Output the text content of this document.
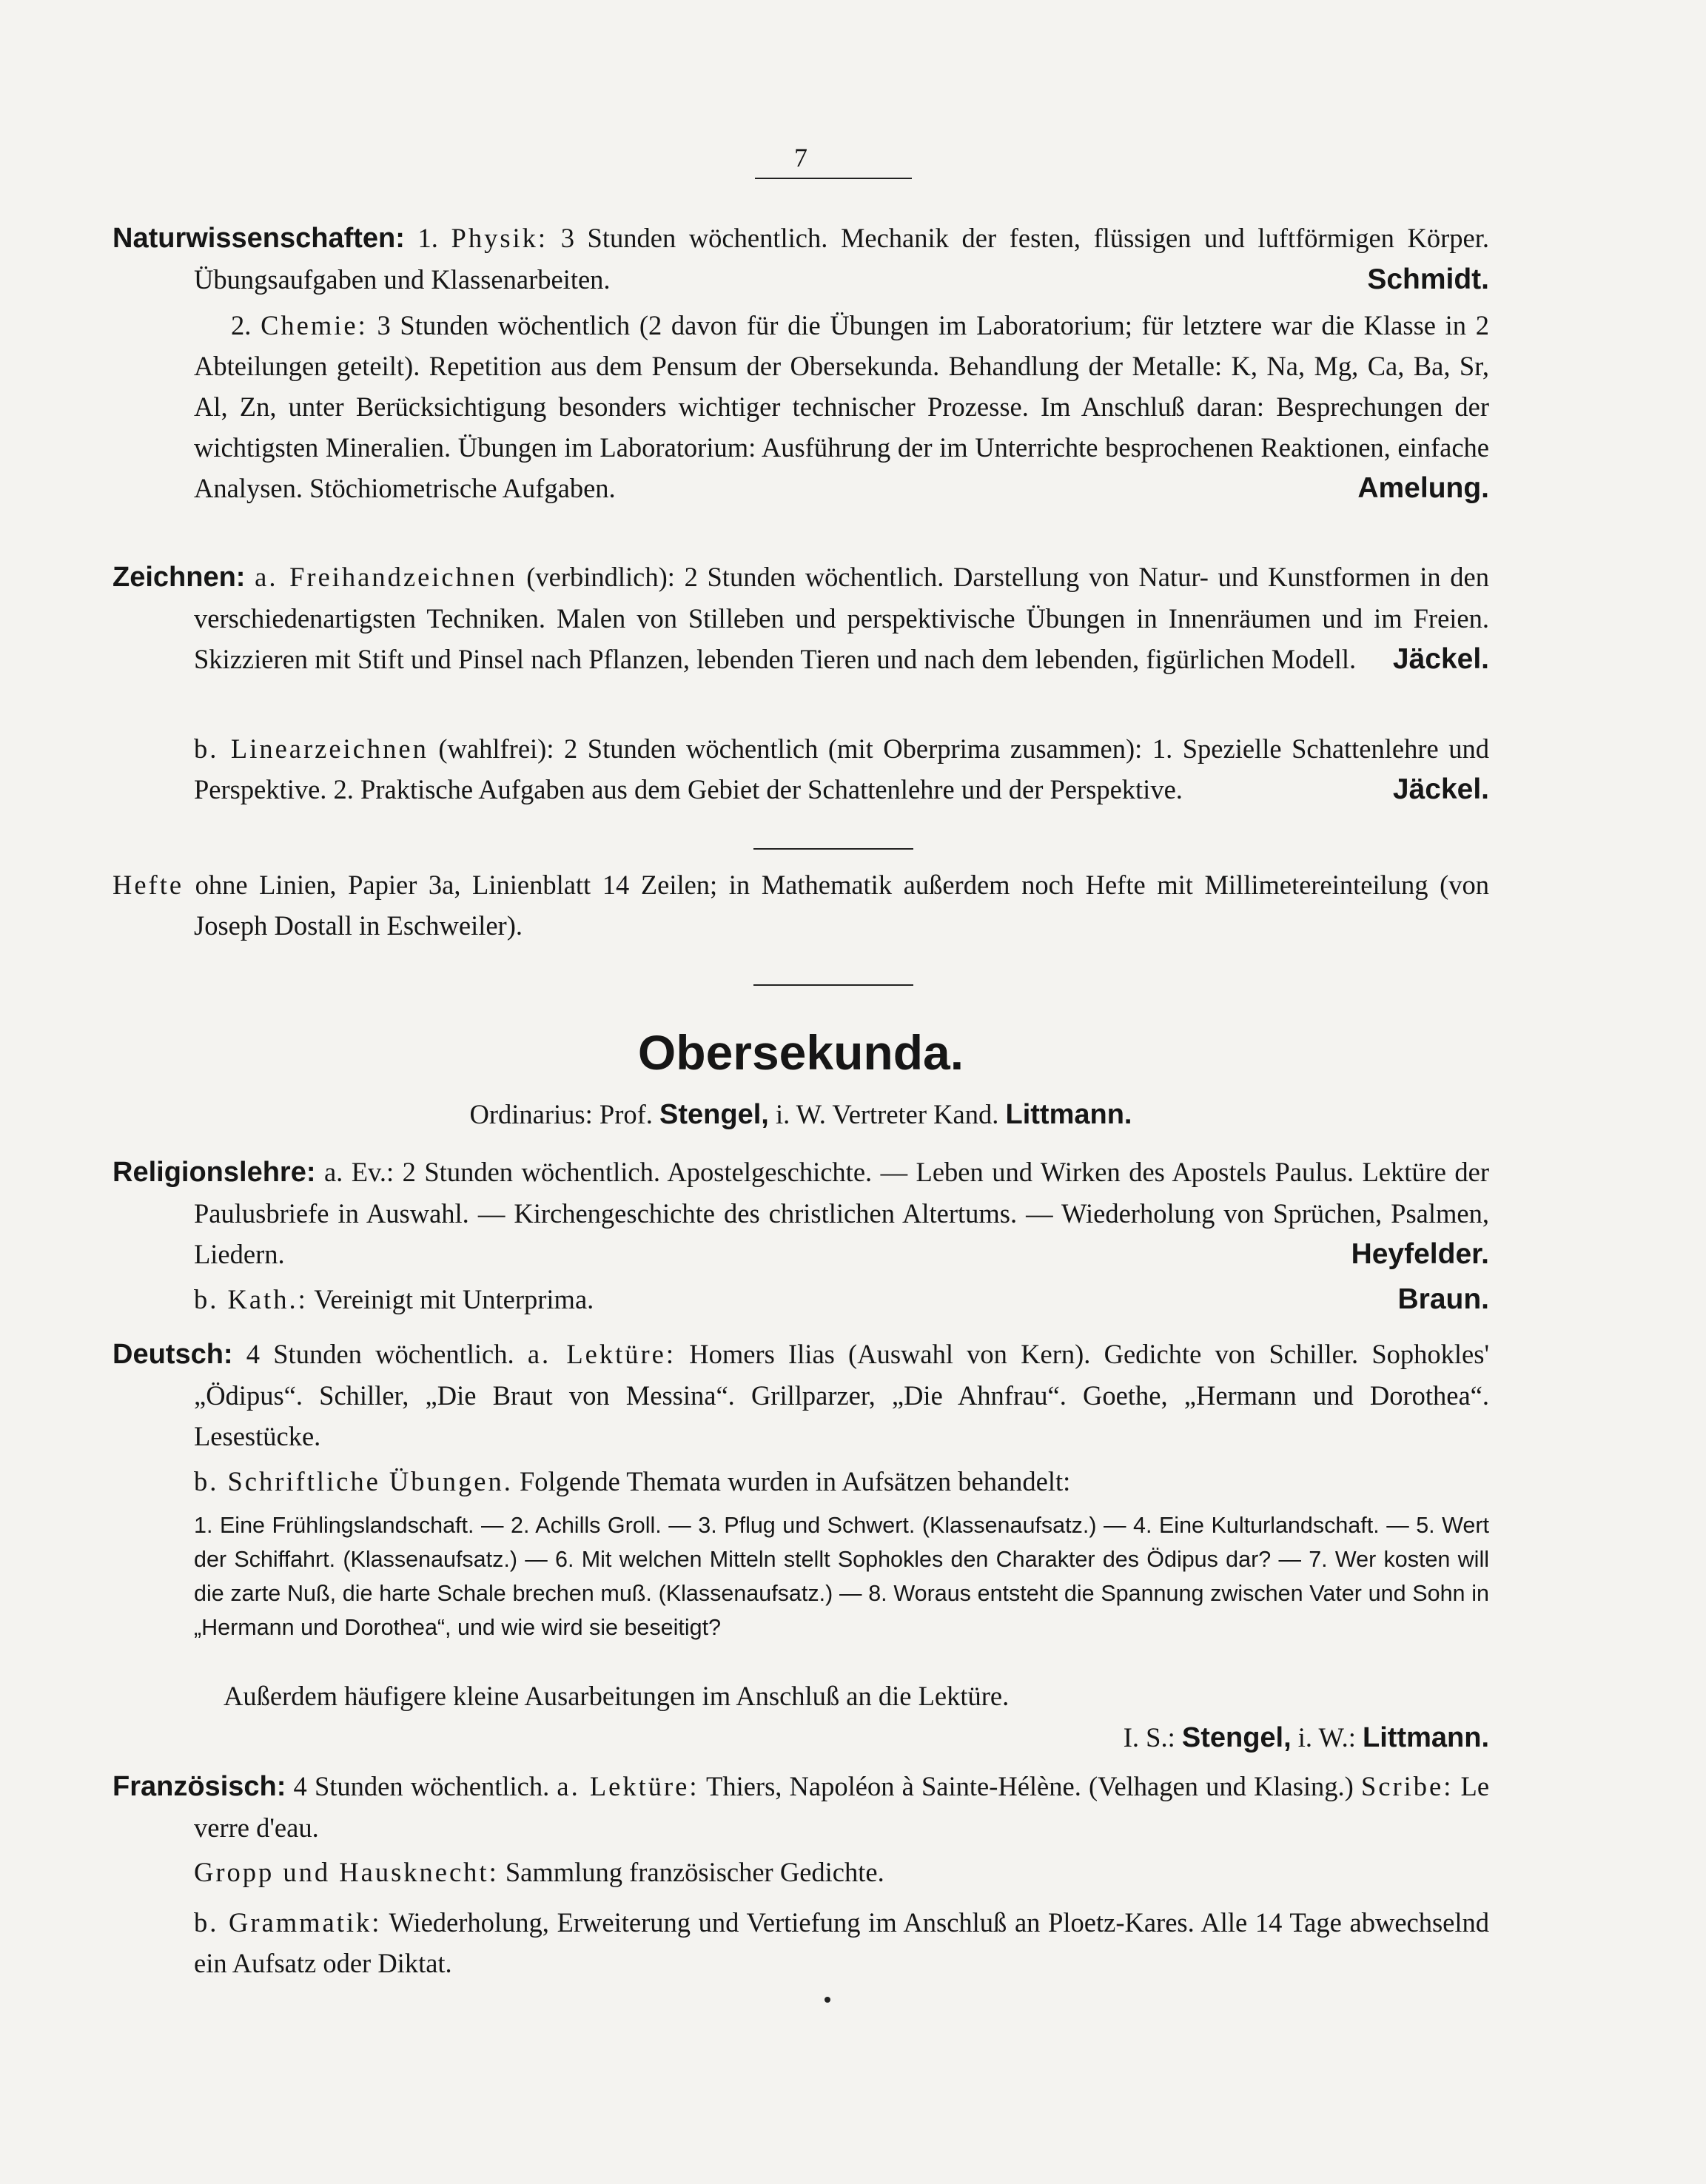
7
Naturwissenschaften: 1. Physik: 3 Stunden wöchentlich. Mechanik der festen, flüssigen und luftförmigen Körper. Übungsaufgaben und Klassenarbeiten.	Schmidt.
2. Chemie: 3 Stunden wöchentlich (2 davon für die Übungen im Laboratorium; für letztere war die Klasse in 2 Abteilungen geteilt). Repetition aus dem Pensum der Obersekunda. Behandlung der Metalle: K, Na, Mg, Ca, Ba, Sr, Al, Zn, unter Berücksichtigung besonders wichtiger technischer Prozesse. Im Anschluß daran: Besprechungen der wichtigsten Mineralien. Übungen im Laboratorium: Ausführung der im Unterrichte besprochenen Reaktionen, einfache Analysen. Stöchiometrische Aufgaben.	Amelung.
Zeichnen: a. Freihandzeichnen (verbindlich): 2 Stunden wöchentlich. Darstellung von Natur- und Kunstformen in den verschiedenartigsten Techniken. Malen von Stilleben und perspektivische Übungen in Innenräumen und im Freien. Skizzieren mit Stift und Pinsel nach Pflanzen, lebenden Tieren und nach dem lebenden, figürlichen Modell. Jäckel.
b. Linearzeichnen (wahlfrei): 2 Stunden wöchentlich (mit Oberprima zusammen): 1. Spezielle Schattenlehre und Perspektive. 2. Praktische Aufgaben aus dem Gebiet der Schattenlehre und der Perspektive.	Jäckel.
Hefte ohne Linien, Papier 3a, Linienblatt 14 Zeilen; in Mathematik außerdem noch Hefte mit Millimetereinteilung (von Joseph Dostall in Eschweiler).
Obersekunda.
Ordinarius: Prof. Stengel, i. W. Vertreter Kand. Littmann.
Religionslehre: a. Ev.: 2 Stunden wöchentlich. Apostelgeschichte. — Leben und Wirken des Apostels Paulus. Lektüre der Paulusbriefe in Auswahl. — Kirchengeschichte des christlichen Altertums. — Wiederholung von Sprüchen, Psalmen, Liedern.	Heyfelder.
b. Kath.: Vereinigt mit Unterprima.	Braun.
Deutsch: 4 Stunden wöchentlich. a. Lektüre: Homers Ilias (Auswahl von Kern). Gedichte von Schiller. Sophokles' „Ödipus“. Schiller, „Die Braut von Messina“. Grillparzer, „Die Ahnfrau“. Goethe, „Hermann und Dorothea“. Lesestücke.
b. Schriftliche Übungen. Folgende Themata wurden in Aufsätzen behandelt:
1. Eine Frühlingslandschaft. — 2. Achills Groll. — 3. Pflug und Schwert. (Klassenaufsatz.) — 4. Eine Kulturlandschaft. — 5. Wert der Schiffahrt. (Klassenaufsatz.) — 6. Mit welchen Mitteln stellt Sophokles den Charakter des Ödipus dar? — 7. Wer kosten will die zarte Nuß, die harte Schale brechen muß. (Klassenaufsatz.) — 8. Woraus entsteht die Spannung zwischen Vater und Sohn in „Hermann und Dorothea“, und wie wird sie beseitigt?
Außerdem häufigere kleine Ausarbeitungen im Anschluß an die Lektüre.
I. S.: Stengel, i. W.: Littmann.
Französisch: 4 Stunden wöchentlich. a. Lektüre: Thiers, Napoléon à Sainte-Hélène. (Velhagen und Klasing.) Scribe: Le verre d'eau.
Gropp und Hausknecht: Sammlung französischer Gedichte.
b. Grammatik: Wiederholung, Erweiterung und Vertiefung im Anschluß an Ploetz-Kares. Alle 14 Tage abwechselnd ein Aufsatz oder Diktat.
